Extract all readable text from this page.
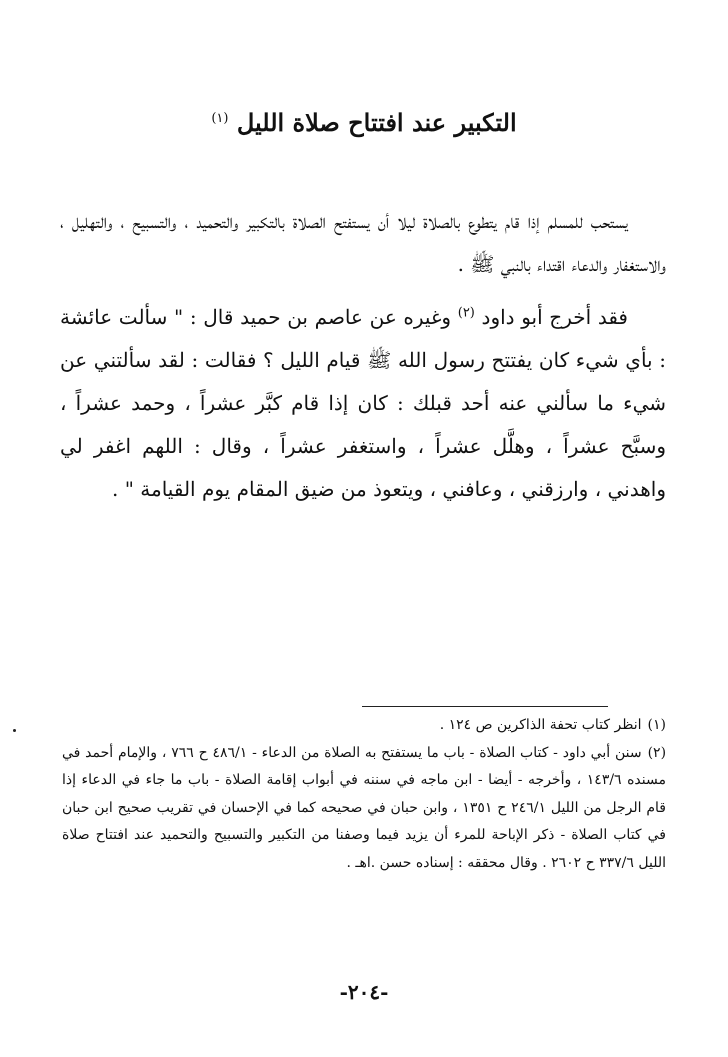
التكبير عند افتتاح صلاة الليل $^{(١)}$

يستحب للمسلم إذا قام يتطوع بالصلاة ليلا أن يستفتح الصلاة بالتكبير والتحميد ، والتسبيح ، والتهليل ، والاستغفار والدعاء اقتداء بالنبي ﷺ .

فقد أخرج أبو داود $^{(٢)}$ وغيره عن عاصم بن حميد قال : " سألت عائشة : بأي شيء كان يفتتح رسول الله ﷺ قيام الليل ؟ فقالت : لقد سألتني عن شيء ما سألني عنه أحد قبلك : كان إذا قام كبَّر عشراً ، وحمد عشراً ، وسبَّح عشراً ، وهلَّل عشراً ، واستغفر عشراً ، وقال : اللهم اغفر لي واهدني ، وارزقني ، وعافني ، ويتعوذ من ضيق المقام يوم القيامة " .

(١)انظر كتاب تحفة الذاكرين ص ١٢٤ .

(٢)سنن أبي داود - كتاب الصلاة - باب ما يستفتح به الصلاة من الدعاء - ٤٨٦/١ ح ٧٦٦ ، والإمام أحمد في مسنده ١٤٣/٦ ، وأخرجه - أيضا - ابن ماجه في سننه في أبواب إقامة الصلاة - باب ما جاء في الدعاء إذا قام الرجل من الليل ٢٤٦/١ ح ١٣٥١ ، وابن حبان في صحيحه كما في الإحسان في تقريب صحيح ابن حبان في كتاب الصلاة - ذكر الإباحة للمرء أن يزيد فيما وصفنا من التكبير والتسبيح والتحميد عند افتتاح صلاة الليل ٣٣٧/٦ ح ٢٦٠٢ . وقال محققه : إسناده حسن .اهـ .

-٢٠٤-
